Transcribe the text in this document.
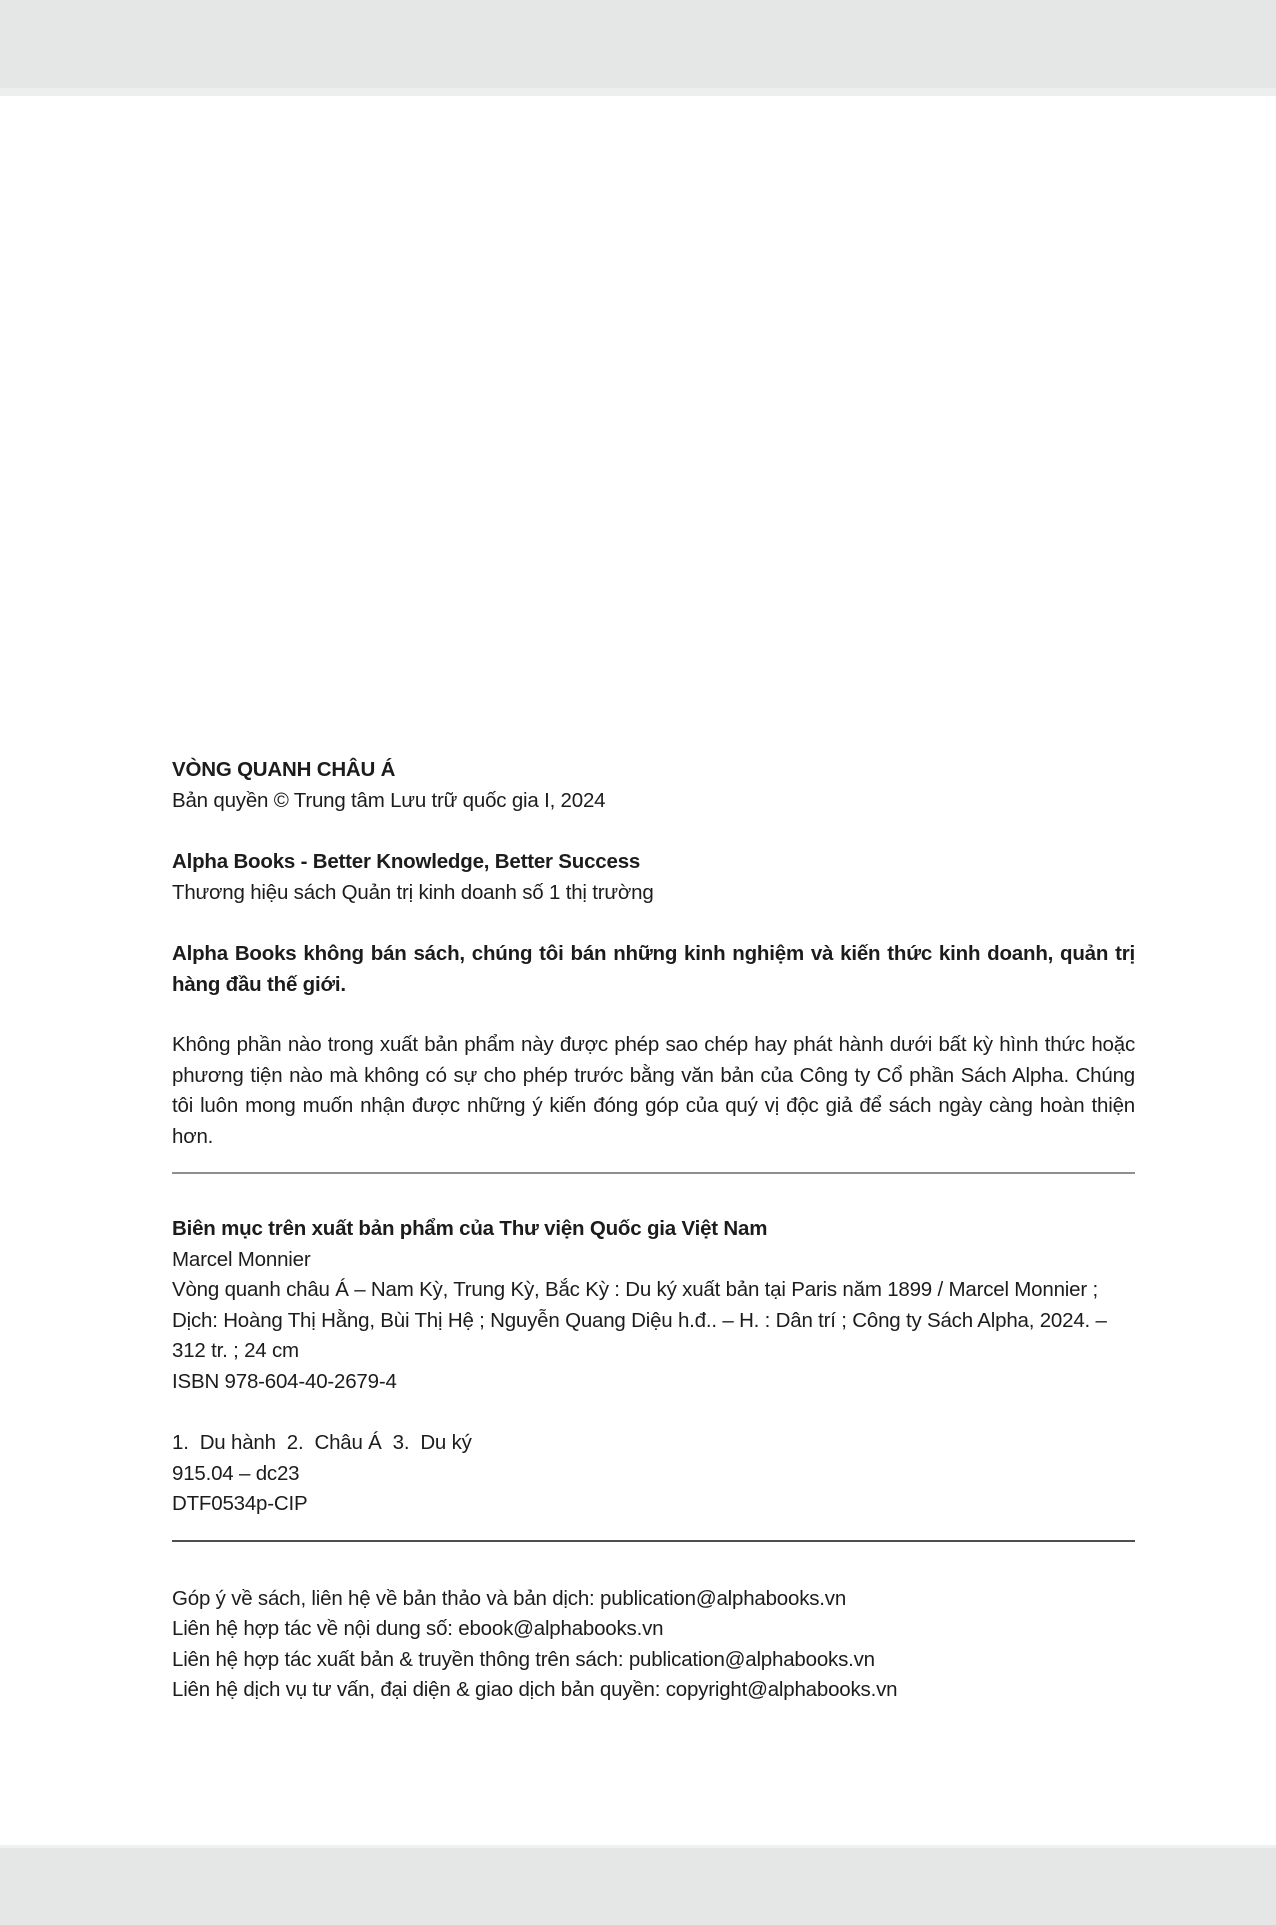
VÒNG QUANH CHÂU Á

Bản quyền © Trung tâm Lưu trữ quốc gia I, 2024

Alpha Books - Better Knowledge, Better Success

Thương hiệu sách Quản trị kinh doanh số 1 thị trường

Alpha Books không bán sách, chúng tôi bán những kinh nghiệm và kiến thức kinh doanh, quản trị hàng đầu thế giới.

Không phần nào trong xuất bản phẩm này được phép sao chép hay phát hành dưới bất kỳ hình thức hoặc phương tiện nào mà không có sự cho phép trước bằng văn bản của Công ty Cổ phần Sách Alpha. Chúng tôi luôn mong muốn nhận được những ý kiến đóng góp của quý vị độc giả để sách ngày càng hoàn thiện hơn.

Biên mục trên xuất bản phẩm của Thư viện Quốc gia Việt Nam

Marcel Monnier

Vòng quanh châu Á – Nam Kỳ, Trung Kỳ, Bắc Kỳ : Du ký xuất bản tại Paris năm 1899 / Marcel Monnier ;

Dịch: Hoàng Thị Hằng, Bùi Thị Hệ ; Nguyễn Quang Diệu h.đ.. – H. : Dân trí ; Công ty Sách Alpha, 2024. –

312 tr. ; 24 cm

ISBN 978-604-40-2679-4

1.  Du hành  2.  Châu Á  3.  Du ký

915.04 – dc23

DTF0534p-CIP

Góp ý về sách, liên hệ về bản thảo và bản dịch: publication@alphabooks.vn

Liên hệ hợp tác về nội dung số: ebook@alphabooks.vn

Liên hệ hợp tác xuất bản & truyền thông trên sách: publication@alphabooks.vn

Liên hệ dịch vụ tư vấn, đại diện & giao dịch bản quyền: copyright@alphabooks.vn
